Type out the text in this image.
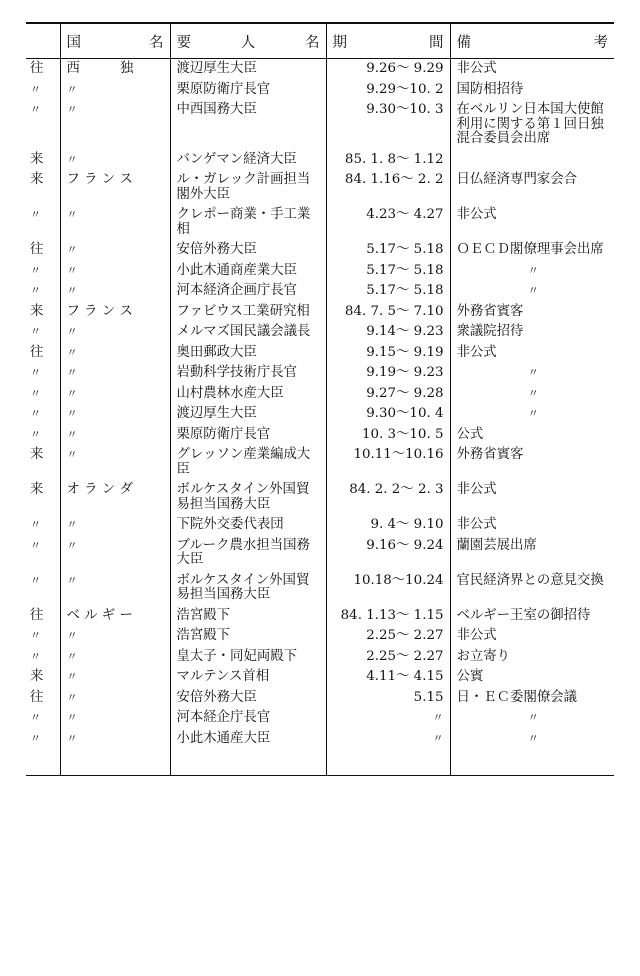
	国 名	要 人 名	期 間	備 考

往	西　　　独	渡辺厚生大臣	9.26～ 9.29	非公式
〃	〃	栗原防衛庁長官	9.29～10. 2	国防相招待
〃	〃	中西国務大臣	9.30～10. 3	在ベルリン日本国大使館利用に関する第１回日独混合委員会出席
来	〃	バンゲマン経済大臣	85. 1. 8～ 1.12	
来	フ ラ ン ス	ル・ガレック計画担当閣外大臣	84. 1.16～ 2. 2	日仏経済専門家会合
〃	〃	クレポー商業・手工業相	4.23～ 4.27	非公式
往	〃	安倍外務大臣	5.17～ 5.18	ＯＥＣＤ閣僚理事会出席
〃	〃	小此木通商産業大臣	5.17～ 5.18	〃

〃	〃	河本経済企画庁長官	5.17～ 5.18	〃

来	フ ラ ン ス	ファビウス工業研究相	84. 7. 5～ 7.10	外務省賓客
〃	〃	メルマズ国民議会議長	9.14～ 9.23	衆議院招待
往	〃	奥田郵政大臣	9.15～ 9.19	非公式
〃	〃	岩動科学技術庁長官	9.19～ 9.23	〃

〃	〃	山村農林水産大臣	9.27～ 9.28	〃

〃	〃	渡辺厚生大臣	9.30～10. 4	〃

〃	〃	栗原防衛庁長官	10. 3～10. 5	公式
来	〃	グレッソン産業編成大臣	10.11～10.16	外務省賓客
来	オ ラ ン ダ	ボルケスタイン外国貿易担当国務大臣	84. 2. 2～ 2. 3	非公式
〃	〃	下院外交委代表団	9. 4～ 9.10	非公式
〃	〃	ブルーク農水担当国務大臣	9.16～ 9.24	蘭園芸展出席
〃	〃	ボルケスタイン外国貿易担当国務大臣	10.18～10.24	官民経済界との意見交換
往	ベ ル ギ ー	浩宮殿下	84. 1.13～ 1.15	ベルギー王室の御招待
〃	〃	浩宮殿下	2.25～ 2.27	非公式
〃	〃	皇太子・同妃両殿下	2.25～ 2.27	お立寄り
来	〃	マルテンス首相	4.11～ 4.15	公賓
往	〃	安倍外務大臣	5.15	日・ＥＣ委閣僚会議
〃	〃	河本経企庁長官	〃	〃

〃	〃	小此木通産大臣	〃	〃
